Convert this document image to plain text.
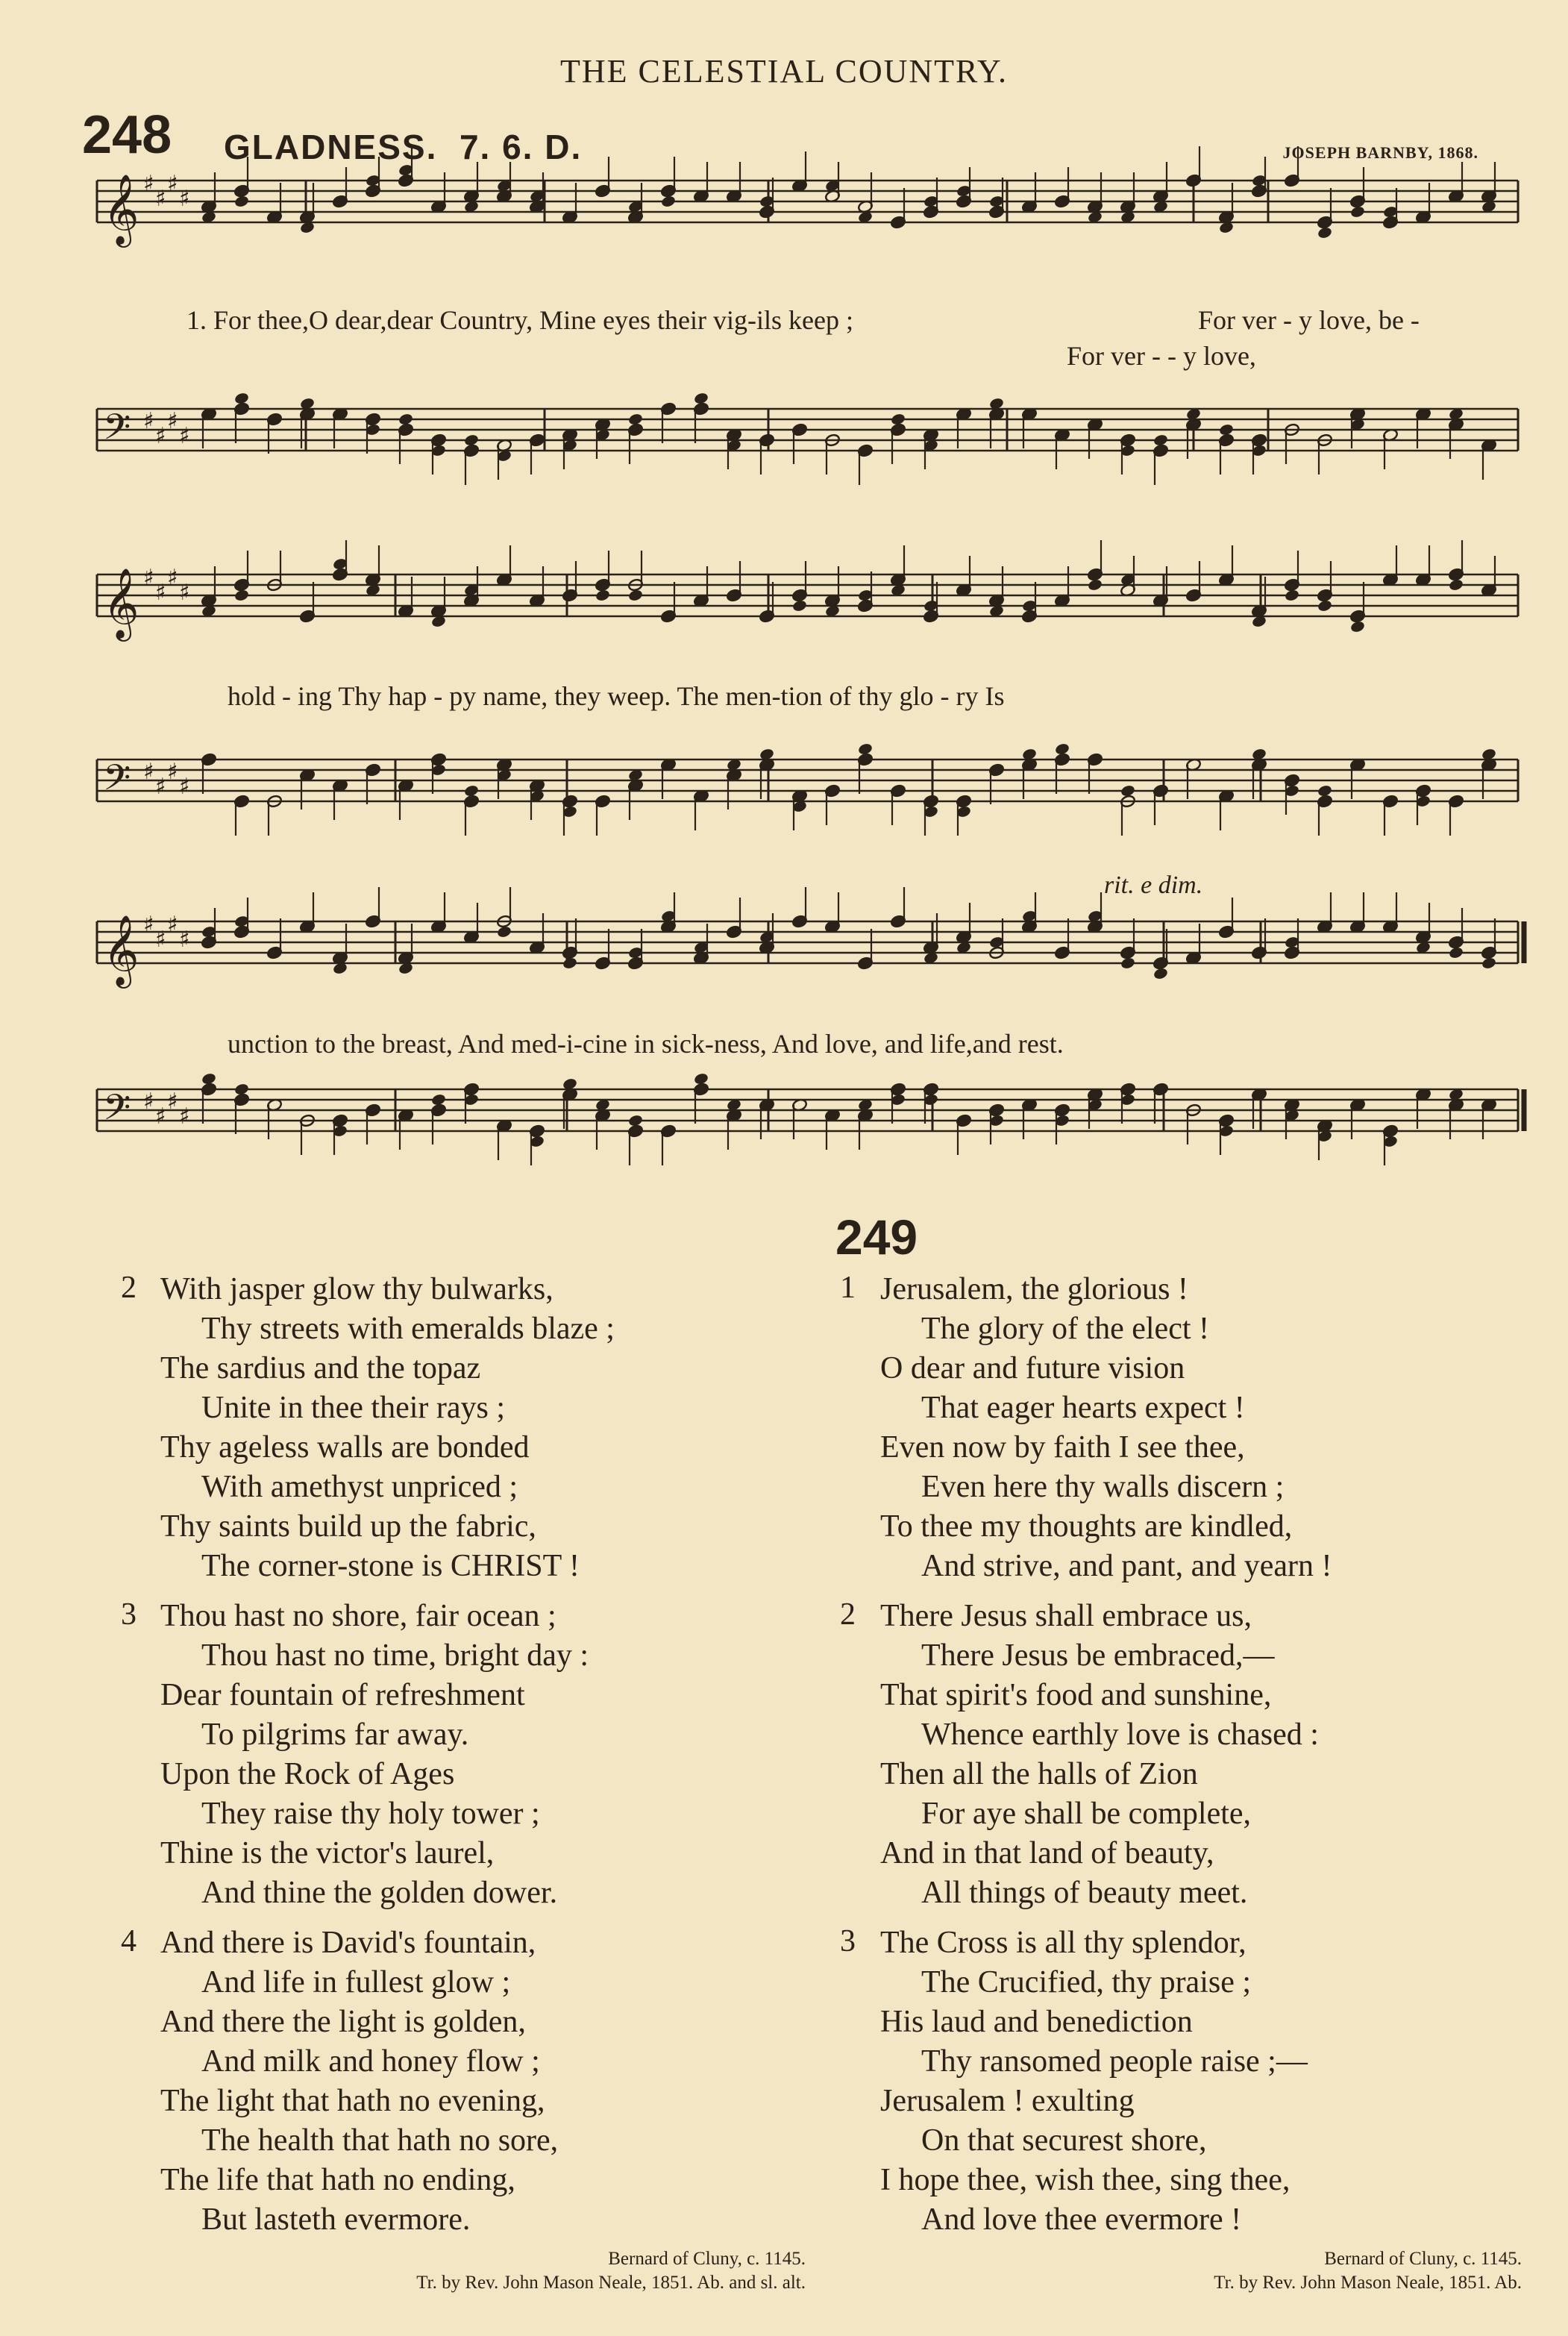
THE CELESTIAL COUNTRY.
248 GLADNESS. 7. 6. D.	JOSEPH BARNBY, 1868.
𝄞 ♯
♯
♯
♯
𝄢 ♯
♯
♯
♯
𝄞 ♯
♯
♯
♯
𝄢 ♯
♯
♯
♯
𝄞 ♯
♯
♯
♯
𝄢 ♯
♯
♯
♯
1. For thee,O dear,dear Country, Mine eyes their vig-ils keep ;	For ver - y love, be -
For ver - - y love,
hold - ing Thy hap - py name, they weep. The men-tion of thy glo - ry Is
unction to the breast, And med-i-cine in sick-ness, And love, and life,and rest.
rit. e dim.
249
2 With jasper glow thy bulwarks,
Thy streets with emeralds blaze ;
The sardius and the topaz
Unite in thee their rays ;
Thy ageless walls are bonded
With amethyst unpriced ;
Thy saints build up the fabric,
The corner-stone is CHRIST !
3 Thou hast no shore, fair ocean ;
Thou hast no time, bright day :
Dear fountain of refreshment
To pilgrims far away.
Upon the Rock of Ages
They raise thy holy tower ;
Thine is the victor's laurel,
And thine the golden dower.
4 And there is David's fountain,
And life in fullest glow ;
And there the light is golden,
And milk and honey flow ;
The light that hath no evening,
The health that hath no sore,
The life that hath no ending,
But lasteth evermore.
1 Jerusalem, the glorious !
The glory of the elect !
O dear and future vision
That eager hearts expect !
Even now by faith I see thee,
Even here thy walls discern ;
To thee my thoughts are kindled,
And strive, and pant, and yearn !
2 There Jesus shall embrace us,
There Jesus be embraced,—
That spirit's food and sunshine,
Whence earthly love is chased :
Then all the halls of Zion
For aye shall be complete,
And in that land of beauty,
All things of beauty meet.
3 The Cross is all thy splendor,
The Crucified, thy praise ;
His laud and benediction
Thy ransomed people raise ;—
Jerusalem ! exulting
On that securest shore,
I hope thee, wish thee, sing thee,
And love thee evermore !
Bernard of Cluny, c. 1145.
Tr. by Rev. John Mason Neale, 1851. Ab. and sl. alt.
Bernard of Cluny, c. 1145.
Tr. by Rev. John Mason Neale, 1851. Ab.
